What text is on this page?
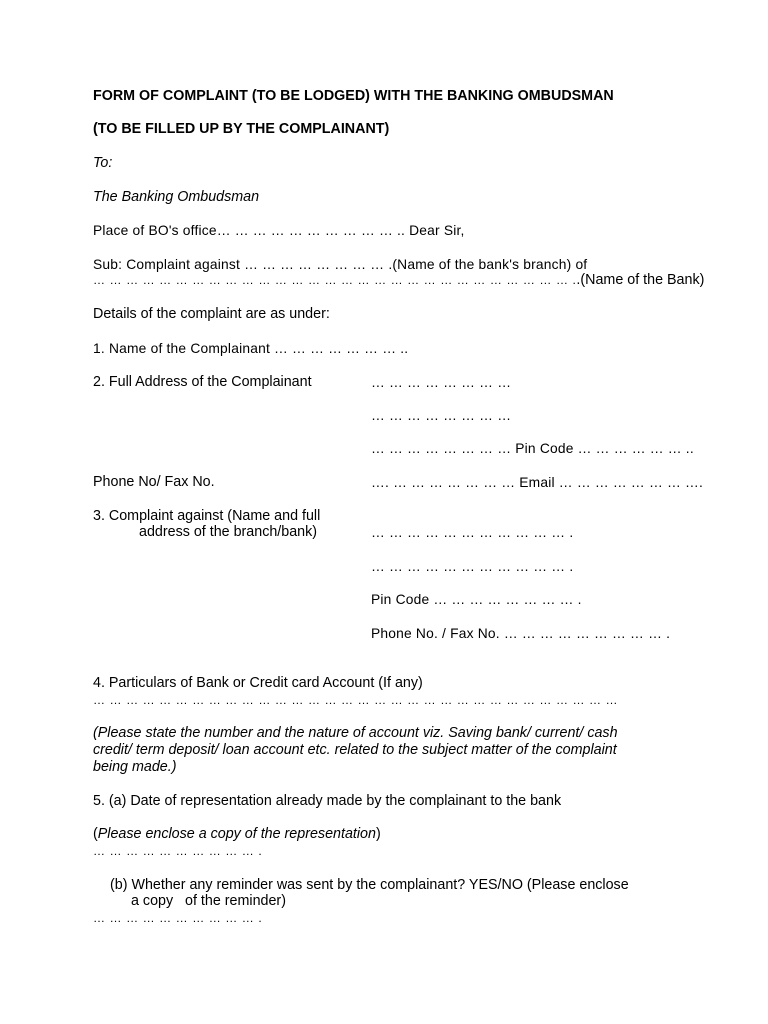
FORM OF COMPLAINT (TO BE LODGED) WITH THE BANKING OMBUDSMAN
(TO BE FILLED UP BY THE COMPLAINANT)
To:
The Banking Ombudsman
Place of BO's office… … … … … … … … … … .. Dear Sir,
Sub: Complaint against … … … … … … … … .(Name of the bank's branch) of
… … … … … … … … … … … … … … … … … … … … … … … … … … … … … ..(Name of the Bank)
Details of the complaint are as under:
1. Name of the Complainant … … … … … … … ..
2. Full Address of the Complainant	… … … … … … … …
… … … … … … … …
… … … … … … … … Pin Code … … … … … … ..
Phone No/ Fax No.	…. … … … … … … … Email … … … … … … … ….
3. Complaint against (Name and full
address of the branch/bank)	… … … … … … … … … … … .
… … … … … … … … … … … .
Pin Code … … … … … … … … .
Phone No. / Fax No. … … … … … … … … … .
4. Particulars of Bank or Credit card Account (If any)
… … … … … … … … … … … … … … … … … … … … … … … … … … … … … … … …
(Please state the number and the nature of account viz. Saving bank/ current/ cash
credit/ term deposit/ loan account etc. related to the subject matter of the complaint
being made.)
5. (a) Date of representation already made by the complainant to the bank
(Please enclose a copy of the representation)
… … … … … … … … … … .
(b) Whether any reminder was sent by the complainant? YES/NO (Please enclose
a copy   of the reminder)
… … … … … … … … … … .
